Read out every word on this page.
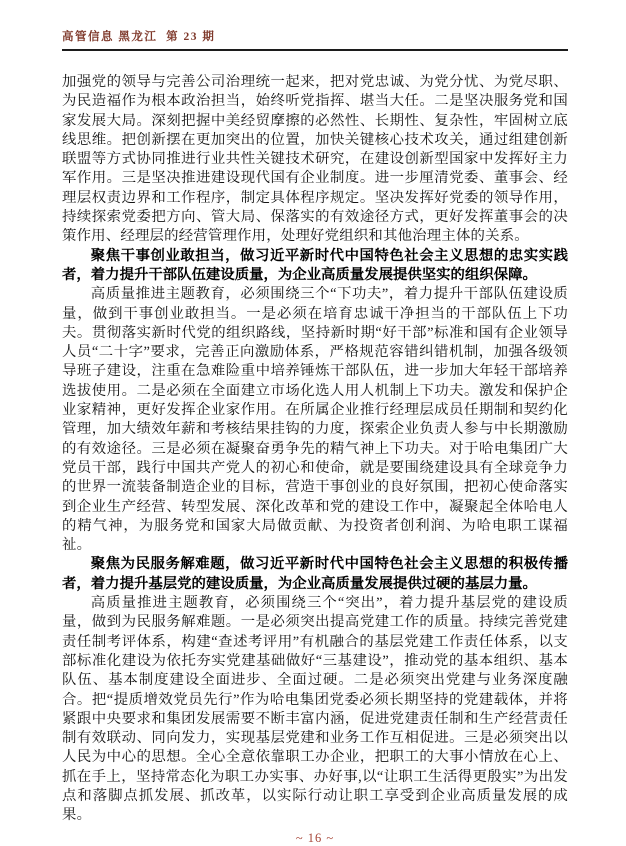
高管信息 黑龙江  第 23 期

加强党的领导与完善公司治理统一起来，把对党忠诚、为党分忧、为党尽职、为民造福作为根本政治担当，始终听党指挥、堪当大任。二是坚决服务党和国家发展大局。深刻把握中美经贸摩擦的必然性、长期性、复杂性，牢固树立底线思维。把创新摆在更加突出的位置，加快关键核心技术攻关，通过组建创新联盟等方式协同推进行业共性关键技术研究，在建设创新型国家中发挥好主力军作用。三是坚决推进建设现代国有企业制度。进一步厘清党委、董事会、经理层权责边界和工作程序，制定具体程序规定。坚决发挥好党委的领导作用，持续探索党委把方向、管大局、保落实的有效途径方式，更好发挥董事会的决策作用、经理层的经营管理作用，处理好党组织和其他治理主体的关系。

聚焦干事创业敢担当，做习近平新时代中国特色社会主义思想的忠实实践者，着力提升干部队伍建设质量，为企业高质量发展提供坚实的组织保障。

高质量推进主题教育，必须围绕三个“下功夫”，着力提升干部队伍建设质量，做到干事创业敢担当。一是必须在培育忠诚干净担当的干部队伍上下功夫。贯彻落实新时代党的组织路线，坚持新时期“好干部”标准和国有企业领导人员“二十字”要求，完善正向激励体系，严格规范容错纠错机制，加强各级领导班子建设，注重在急难险重中培养锤炼干部队伍，进一步加大年轻干部培养选拔使用。二是必须在全面建立市场化选人用人机制上下功夫。激发和保护企业家精神，更好发挥企业家作用。在所属企业推行经理层成员任期制和契约化管理，加大绩效年薪和考核结果挂钩的力度，探索企业负责人参与中长期激励的有效途径。三是必须在凝聚奋勇争先的精气神上下功夫。对于哈电集团广大党员干部，践行中国共产党人的初心和使命，就是要围绕建设具有全球竞争力的世界一流装备制造企业的目标，营造干事创业的良好氛围，把初心使命落实到企业生产经营、转型发展、深化改革和党的建设工作中，凝聚起全体哈电人的精气神，为服务党和国家大局做贡献、为投资者创利润、为哈电职工谋福祉。

聚焦为民服务解难题，做习近平新时代中国特色社会主义思想的积极传播者，着力提升基层党的建设质量，为企业高质量发展提供过硬的基层力量。

高质量推进主题教育，必须围绕三个“突出”，着力提升基层党的建设质量，做到为民服务解难题。一是必须突出提高党建工作的质量。持续完善党建责任制考评体系，构建“查述考评用”有机融合的基层党建工作责任体系，以支部标准化建设为依托夯实党建基础做好“三基建设”，推动党的基本组织、基本队伍、基本制度建设全面进步、全面过硬。二是必须突出党建与业务深度融合。把“提质增效党员先行”作为哈电集团党委必须长期坚持的党建载体，并将紧跟中央要求和集团发展需要不断丰富内涵，促进党建责任制和生产经营责任制有效联动、同向发力，实现基层党建和业务工作互相促进。三是必须突出以人民为中心的思想。全心全意依靠职工办企业，把职工的大事小情放在心上、抓在手上，坚持常态化为职工办实事、办好事,以“让职工生活得更殷实”为出发点和落脚点抓发展、抓改革，以实际行动让职工享受到企业高质量发展的成果。

~ 16 ~
